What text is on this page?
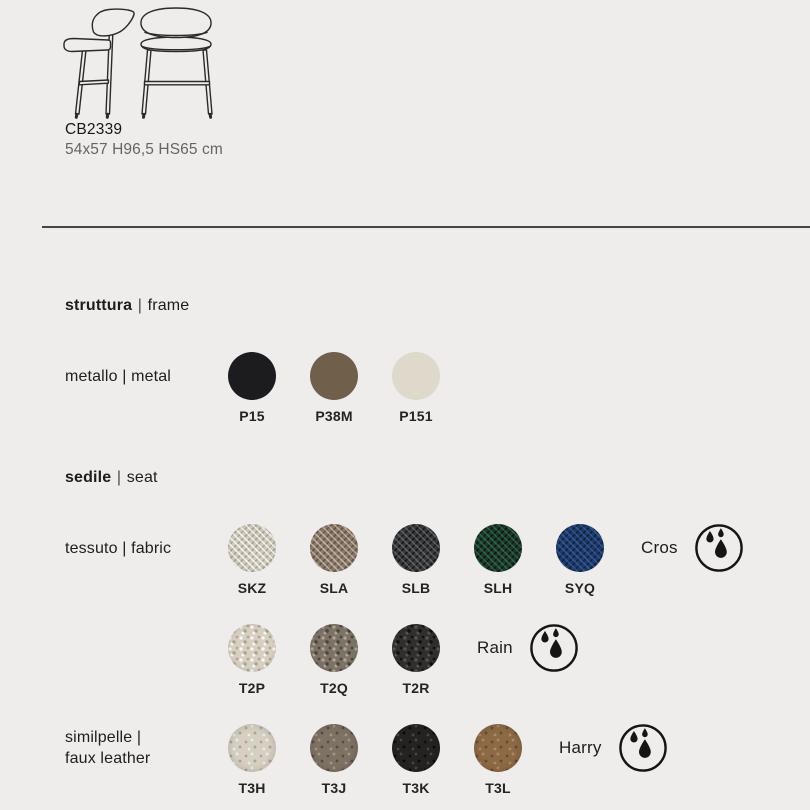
CB2339
54x57 H96,5 HS65 cm
struttura | frame
metallo | metal
P15	P38M	P151
sedile | seat
tessuto | fabric
SKZ	SLA	SLB	SLH	SYQ
Cros
T2P	T2Q	T2R
Rain
similpelle |
faux leather
T3H	T3J	T3K	T3L
Harry
